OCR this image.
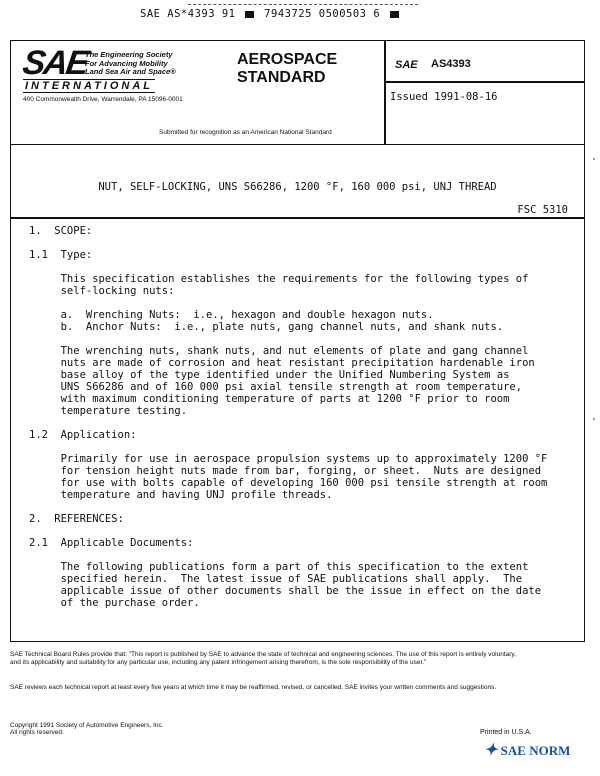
SAE AS*4393 91	7943725 0500503 6
SAE
The Engineering Society
For Advancing Mobility
Land Sea Air and Space®
INTERNATIONAL
400 Commonwealth Drive, Warrendale, PA 15096-0001
AEROSPACE
STANDARD
Submitted for recognition as an American National Standard
SAE AS4393
Issued 1991-08-16
NUT, SELF-LOCKING, UNS S66286, 1200 °F, 160 000 psi, UNJ THREAD
FSC 5310

1.  SCOPE:

1.1  Type:

This specification establishes the requirements for the following types of

self-locking nuts:

a.  Wrenching Nuts:  i.e., hexagon and double hexagon nuts.

b.  Anchor Nuts:  i.e., plate nuts, gang channel nuts, and shank nuts.

The wrenching nuts, shank nuts, and nut elements of plate and gang channel

nuts are made of corrosion and heat resistant precipitation hardenable iron

base alloy of the type identified under the Unified Numbering System as

UNS S66286 and of 160 000 psi axial tensile strength at room temperature,

with maximum conditioning temperature of parts at 1200 °F prior to room

temperature testing.

1.2  Application:

Primarily for use in aerospace propulsion systems up to approximately 1200 °F

for tension height nuts made from bar, forging, or sheet.  Nuts are designed

for use with bolts capable of developing 160 000 psi tensile strength at room

temperature and having UNJ profile threads.

2.  REFERENCES:

2.1  Applicable Documents:

The following publications form a part of this specification to the extent

specified herein.  The latest issue of SAE publications shall apply.  The

applicable issue of other documents shall be the issue in effect on the date

of the purchase order.

SAE Technical Board Rules provide that: "This report is published by SAE to advance the state of technical and engineering sciences. The use of this report is entirely voluntary, and its applicability and suitability for any particular use, including any patent infringement arising therefrom, is the sole responsibility of the user."
SAE reviews each technical report at least every five years at which time it may be reaffirmed, revised, or cancelled. SAE invites your written comments and suggestions.
Copyright 1991 Society of Automotive Engineers, Inc.
All rights reserved.	Printed in U.S.A.
✦ SAE NORM
